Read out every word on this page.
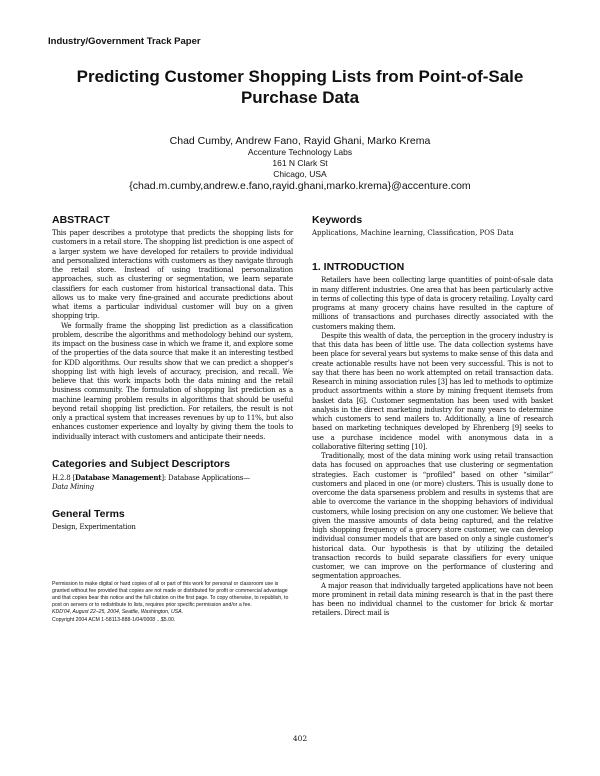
Industry/Government Track Paper
Predicting Customer Shopping Lists from Point-of-Sale Purchase Data
Chad Cumby, Andrew Fano, Rayid Ghani, Marko Krema
Accenture Technology Labs
161 N Clark St
Chicago, USA
{chad.m.cumby,andrew.e.fano,rayid.ghani,marko.krema}@accenture.com
ABSTRACT

This paper describes a prototype that predicts the shopping lists for customers in a retail store. The shopping list prediction is one aspect of a larger system we have developed for retailers to provide individual and personalized interactions with customers as they navigate through the retail store. Instead of using traditional personalization approaches, such as clustering or segmentation, we learn separate classifiers for each customer from historical transactional data. This allows us to make very fine-grained and accurate predictions about what items a particular individual customer will buy on a given shopping trip.

We formally frame the shopping list prediction as a classification problem, describe the algorithms and methodology behind our system, its impact on the business case in which we frame it, and explore some of the properties of the data source that make it an interesting testbed for KDD algorithms. Our results show that we can predict a shopper's shopping list with high levels of accuracy, precision, and recall. We believe that this work impacts both the data mining and the retail business community. The formulation of shopping list prediction as a machine learning problem results in algorithms that should be useful beyond retail shopping list prediction. For retailers, the result is not only a practical system that increases revenues by up to 11%, but also enhances customer experience and loyalty by giving them the tools to individually interact with customers and anticipate their needs.

Categories and Subject Descriptors

H.2.8 [Database Management]: Database Applications—
Data Mining

General Terms

Design, Experimentation

Permission to make digital or hard copies of all or part of this work for personal or classroom use is granted without fee provided that copies are not made or distributed for profit or commercial advantage and that copies bear this notice and the full citation on the first page. To copy otherwise, to republish, to post on servers or to redistribute to lists, requires prior specific permission and/or a fee.

KDD'04, August 22–25, 2004, Seattle, Washington, USA.

Copyright 2004 ACM 1-58113-888-1/04/0008 ...$5.00.

Keywords

Applications, Machine learning, Classification, POS Data

1. INTRODUCTION

Retailers have been collecting large quantities of point-of-sale data in many different industries. One area that has been particularly active in terms of collecting this type of data is grocery retailing. Loyalty card programs at many grocery chains have resulted in the capture of millions of transactions and purchases directly associated with the customers making them.

Despite this wealth of data, the perception in the grocery industry is that this data has been of little use. The data collection systems have been place for several years but systems to make sense of this data and create actionable results have not been very successful. This is not to say that there has been no work attempted on retail transaction data. Research in mining association rules [3] has led to methods to optimize product assortments within a store by mining frequent itemsets from basket data [6]. Customer segmentation has been used with basket analysis in the direct marketing industry for many years to determine which customers to send mailers to. Additionally, a line of research based on marketing techniques developed by Ehrenberg [9] seeks to use a purchase incidence model with anonymous data in a collaborative filtering setting [10].

Traditionally, most of the data mining work using retail transaction data has focused on approaches that use clustering or segmentation strategies. Each customer is “profiled” based on other “similar” customers and placed in one (or more) clusters. This is usually done to overcome the data sparseness problem and results in systems that are able to overcome the variance in the shopping behaviors of individual customers, while losing precision on any one customer. We believe that given the massive amounts of data being captured, and the relative high shopping frequency of a grocery store customer, we can develop individual consumer models that are based on only a single customer's historical data. Our hypothesis is that by utilizing the detailed transaction records to build separate classifiers for every unique customer, we can improve on the performance of clustering and segmentation approaches.

A major reason that individually targeted applications have not been more prominent in retail data mining research is that in the past there has been no individual channel to the customer for brick & mortar retailers. Direct mail is

402
